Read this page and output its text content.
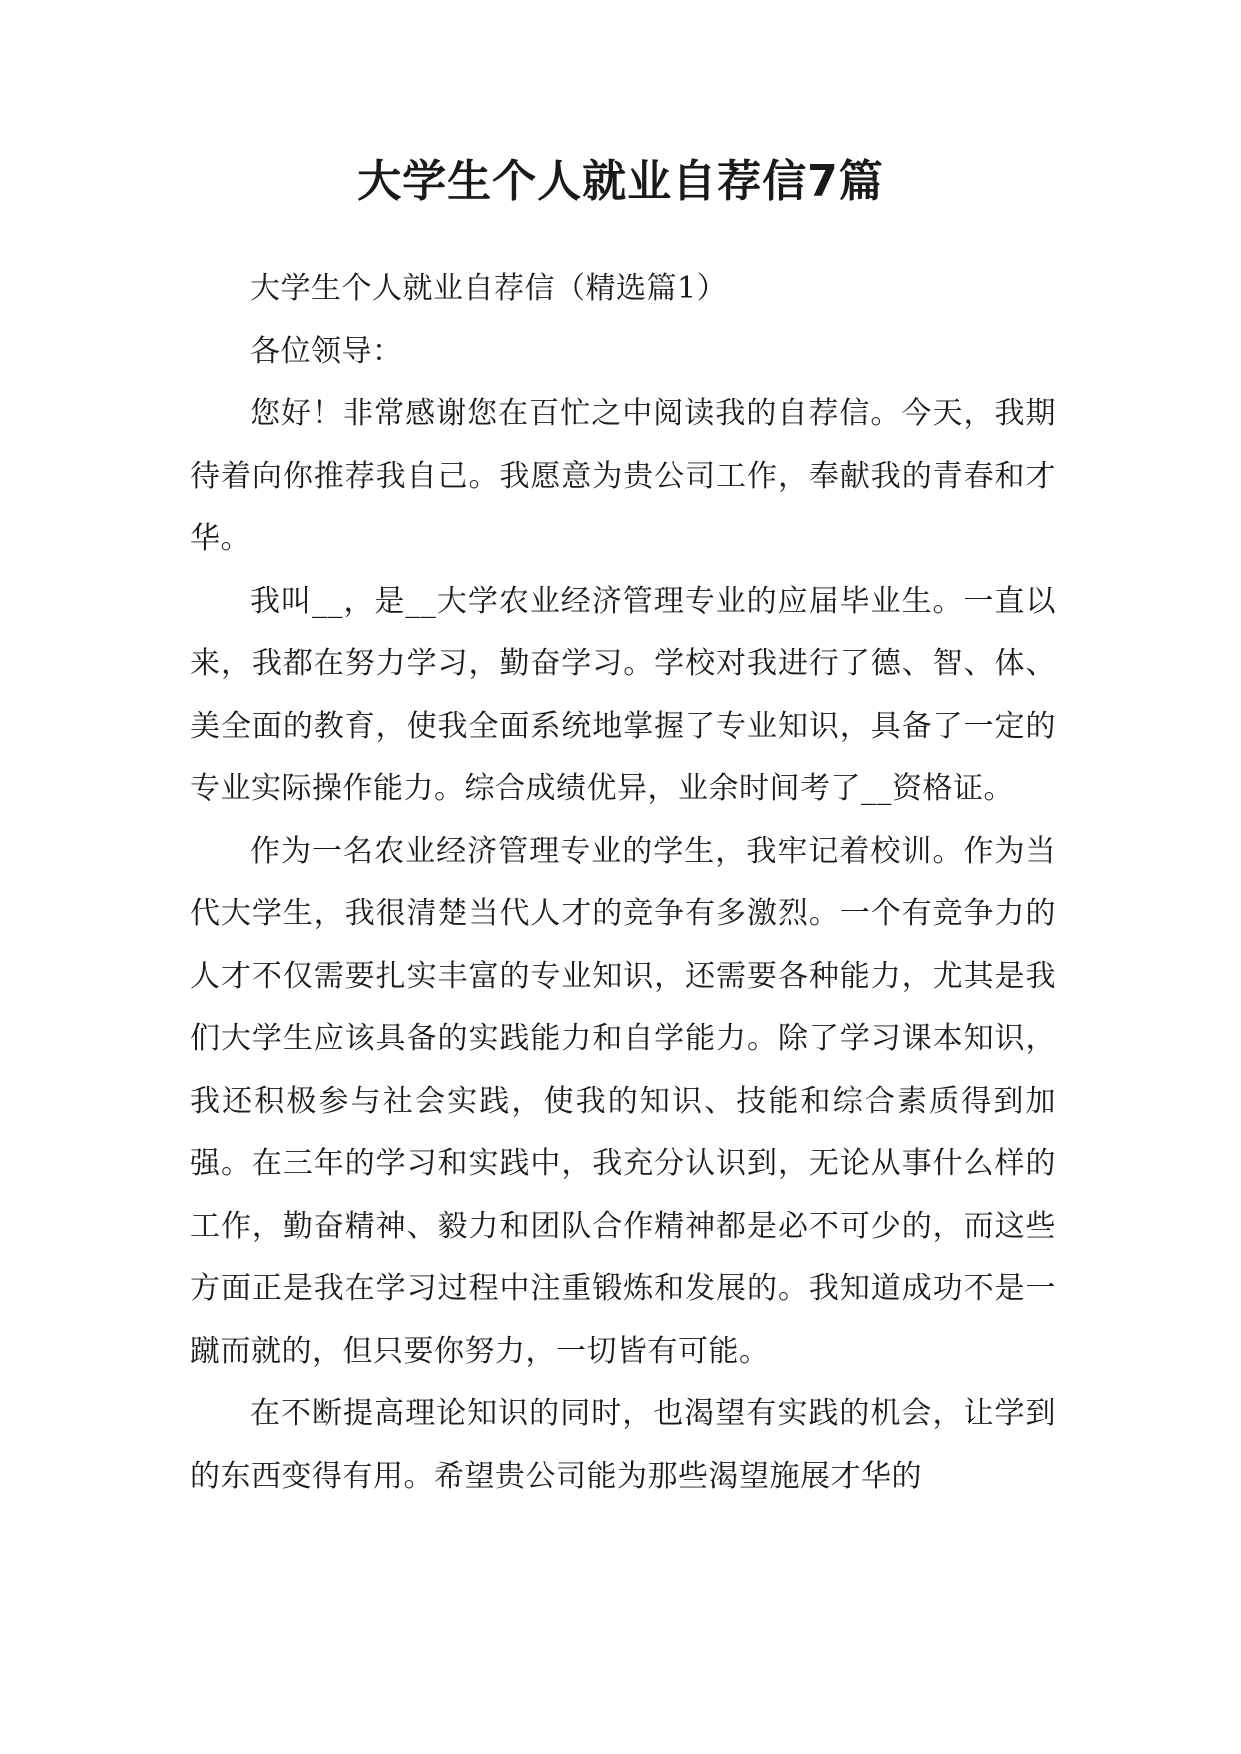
大学生个人就业自荐信7篇

大学生个人就业自荐信（精选篇1）

各位领导：

您好！非常感谢您在百忙之中阅读我的自荐信。今天，我期待着向你推荐我自己。我愿意为贵公司工作，奉献我的青春和才华。

我叫__，是__大学农业经济管理专业的应届毕业生。一直以来，我都在努力学习，勤奋学习。学校对我进行了德、智、体、美全面的教育，使我全面系统地掌握了专业知识，具备了一定的专业实际操作能力。综合成绩优异，业余时间考了__资格证。

作为一名农业经济管理专业的学生，我牢记着校训。作为当代大学生，我很清楚当代人才的竞争有多激烈。一个有竞争力的人才不仅需要扎实丰富的专业知识，还需要各种能力，尤其是我们大学生应该具备的实践能力和自学能力。除了学习课本知识，我还积极参与社会实践，使我的知识、技能和综合素质得到加强。在三年的学习和实践中，我充分认识到，无论从事什么样的工作，勤奋精神、毅力和团队合作精神都是必不可少的，而这些方面正是我在学习过程中注重锻炼和发展的。我知道成功不是一蹴而就的，但只要你努力，一切皆有可能。

在不断提高理论知识的同时，也渴望有实践的机会，让学到的东西变得有用。希望贵公司能为那些渴望施展才华的
